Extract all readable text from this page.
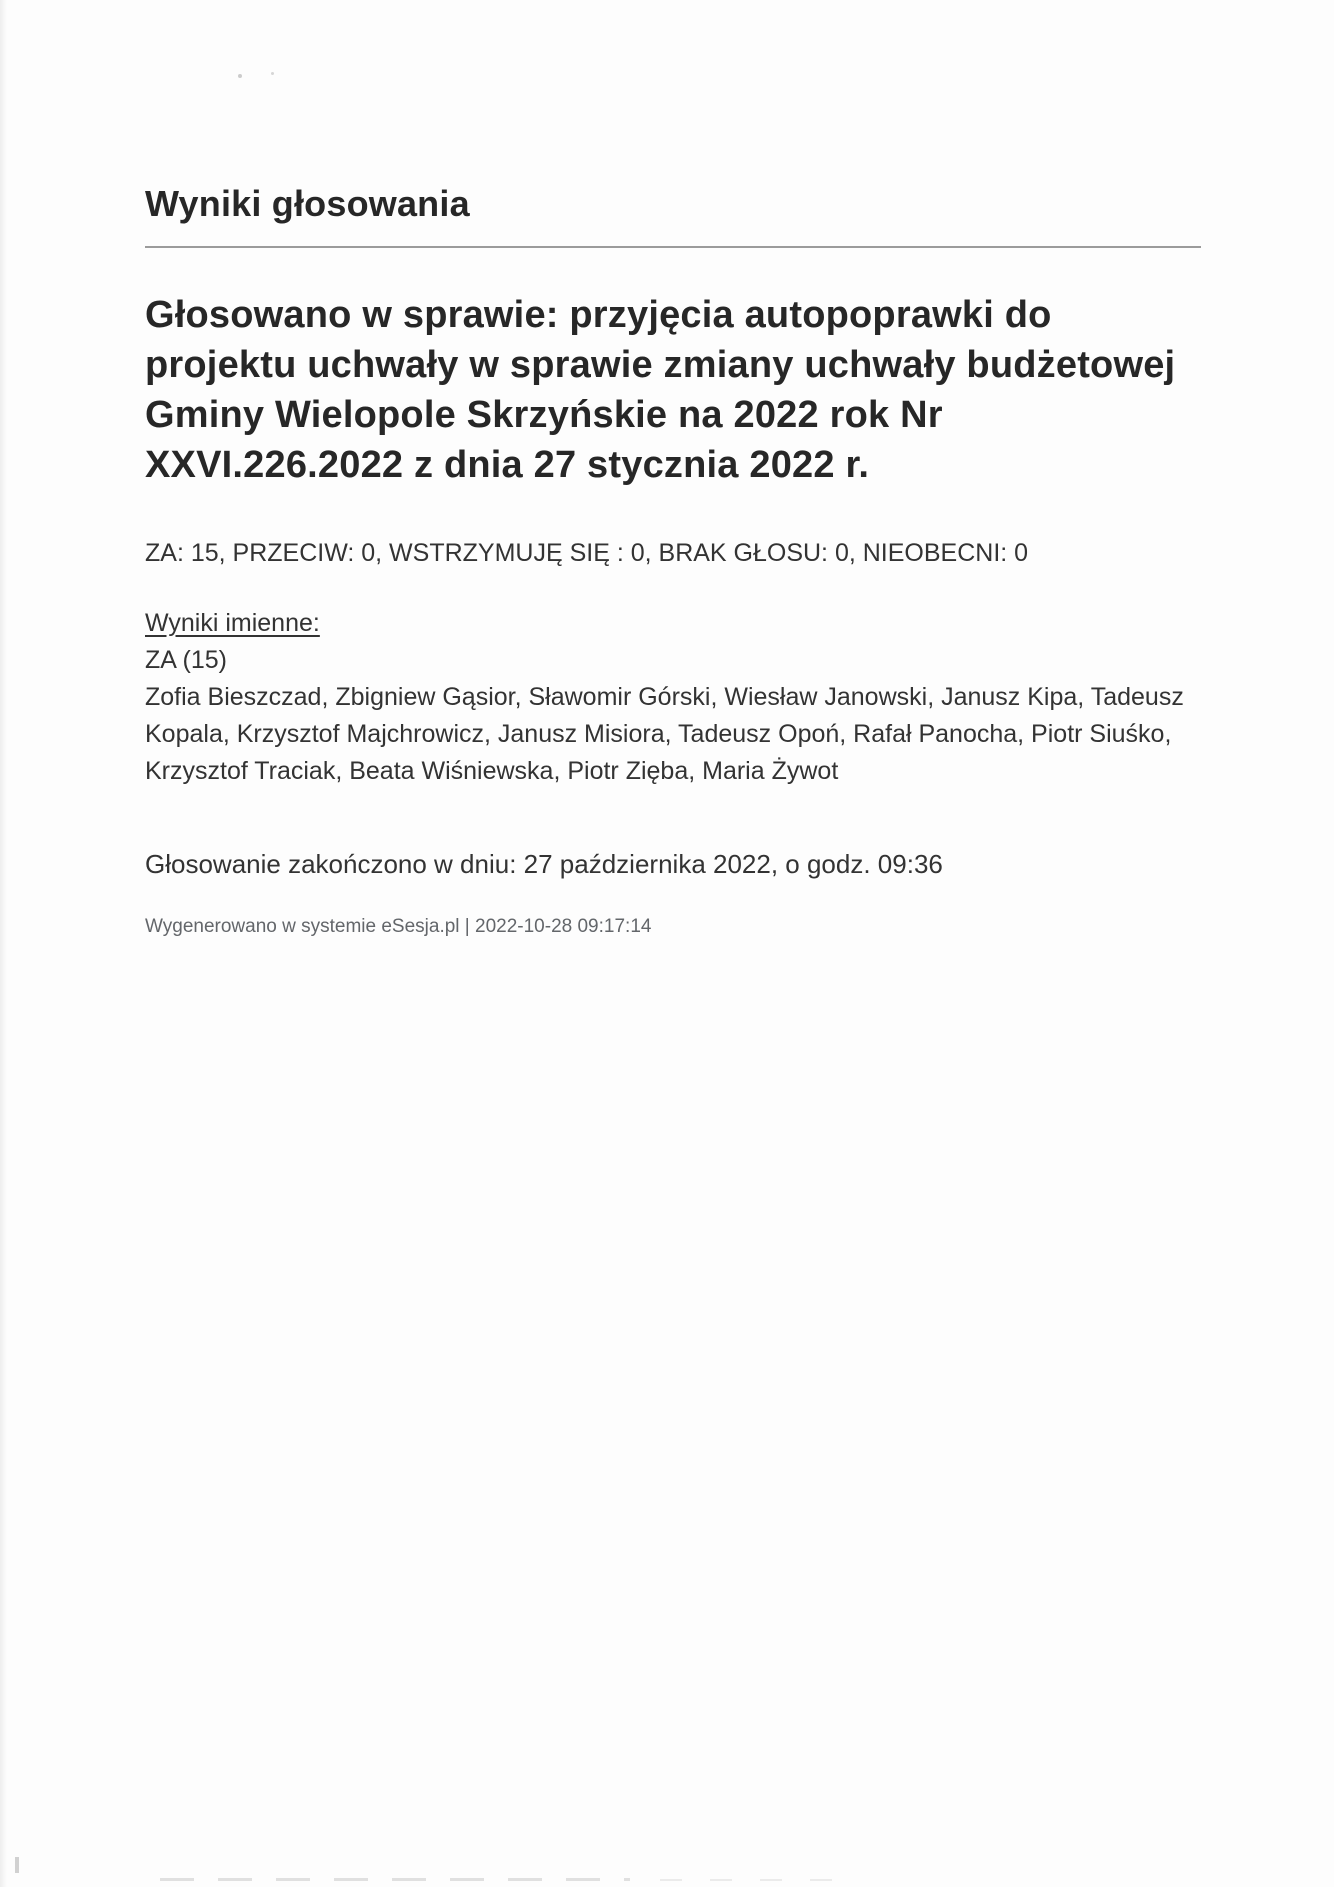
Wyniki głosowania
Głosowano w sprawie: przyjęcia autopoprawki do projektu uchwały w sprawie zmiany uchwały budżetowej Gminy Wielopole Skrzyńskie na 2022 rok Nr XXVI.226.2022 z dnia 27 stycznia 2022 r.

ZA: 15, PRZECIW: 0, WSTRZYMUJĘ SIĘ : 0, BRAK GŁOSU: 0, NIEOBECNI: 0

Wyniki imienne:

ZA (15)

Zofia Bieszczad, Zbigniew Gąsior, Sławomir Górski, Wiesław Janowski, Janusz Kipa, Tadeusz Kopala, Krzysztof Majchrowicz, Janusz Misiora, Tadeusz Opoń, Rafał Panocha, Piotr Siuśko, Krzysztof Traciak, Beata Wiśniewska, Piotr Zięba, Maria Żywot

Głosowanie zakończono w dniu: 27 października 2022, o godz. 09:36

Wygenerowano w systemie eSesja.pl | 2022-10-28 09:17:14
